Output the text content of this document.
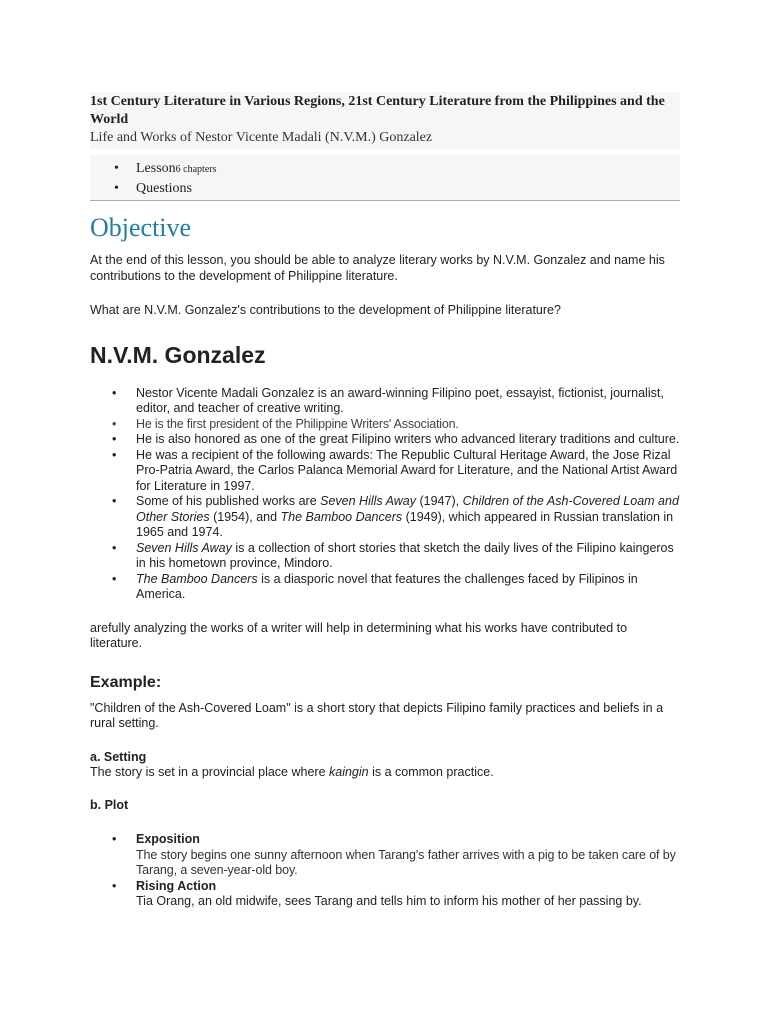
1st Century Literature in Various Regions, 21st Century Literature from the Philippines and the World

Life and Works of Nestor Vicente Madali (N.V.M.) Gonzalez

• Lesson6 chapters
• Questions
Objective

At the end of this lesson, you should be able to analyze literary works by N.V.M. Gonzalez and name his contributions to the development of Philippine literature.

What are N.V.M. Gonzalez's contributions to the development of Philippine literature?

N.V.M. Gonzalez
• Nestor Vicente Madali Gonzalez is an award-winning Filipino poet, essayist, fictionist, journalist, editor, and teacher of creative writing.
• He is the first president of the Philippine Writers' Association.
• He is also honored as one of the great Filipino writers who advanced literary traditions and culture.
• He was a recipient of the following awards: The Republic Cultural Heritage Award, the Jose Rizal Pro-Patria Award, the Carlos Palanca Memorial Award for Literature, and the National Artist Award for Literature in 1997.
• Some of his published works are Seven Hills Away (1947), Children of the Ash-Covered Loam and Other Stories (1954), and The Bamboo Dancers (1949), which appeared in Russian translation in 1965 and 1974.
• Seven Hills Away is a collection of short stories that sketch the daily lives of the Filipino kaingeros in his hometown province, Mindoro.
• The Bamboo Dancers is a diasporic novel that features the challenges faced by Filipinos in America.

arefully analyzing the works of a writer will help in determining what his works have contributed to literature.

Example:

"Children of the Ash-Covered Loam" is a short story that depicts Filipino family practices and beliefs in a rural setting.

a. Setting

The story is set in a provincial place where kaingin is a common practice.

b. Plot

• Exposition
The story begins one sunny afternoon when Tarang's father arrives with a pig to be taken care of by Tarang, a seven-year-old boy.
• Rising Action
Tia Orang, an old midwife, sees Tarang and tells him to inform his mother of her passing by.
